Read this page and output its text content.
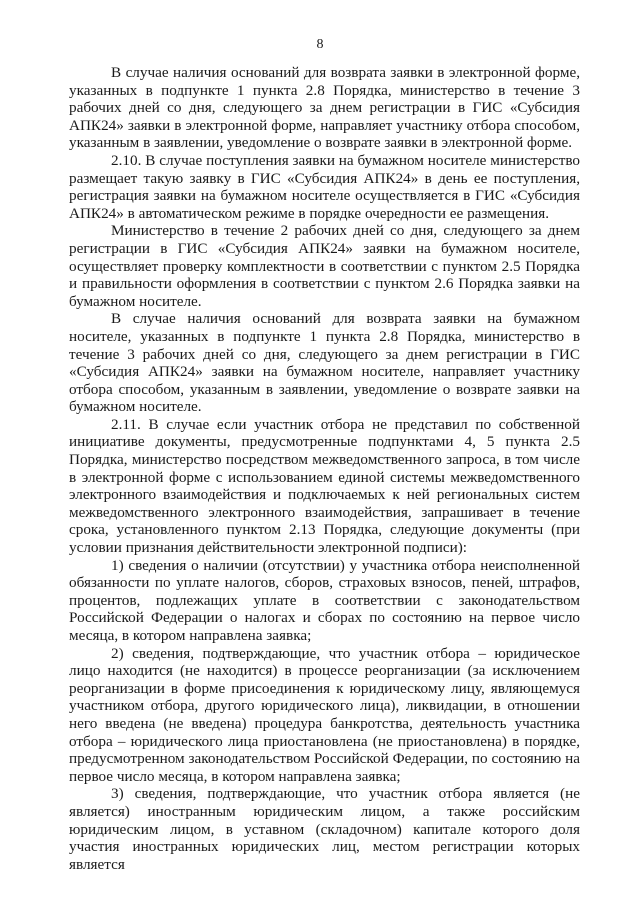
8

В случае наличия оснований для возврата заявки в электронной форме, указанных в подпункте 1 пункта 2.8 Порядка, министерство в течение 3 рабочих дней со дня, следующего за днем регистрации в ГИС «Субсидия АПК24» заявки в электронной форме, направляет участнику отбора способом, указанным в заявлении, уведомление о возврате заявки в электронной форме.

2.10. В случае поступления заявки на бумажном носителе министерство размещает такую заявку в ГИС «Субсидия АПК24» в день ее поступления, регистрация заявки на бумажном носителе осуществляется в ГИС «Субсидия АПК24» в автоматическом режиме в порядке очередности ее размещения.

Министерство в течение 2 рабочих дней со дня, следующего за днем регистрации в ГИС «Субсидия АПК24» заявки на бумажном носителе, осуществляет проверку комплектности в соответствии с пунктом 2.5 Порядка и правильности оформления в соответствии с пунктом 2.6 Порядка заявки на бумажном носителе.

В случае наличия оснований для возврата заявки на бумажном носителе, указанных в подпункте 1 пункта 2.8 Порядка, министерство в течение 3 рабочих дней со дня, следующего за днем регистрации в ГИС «Субсидия АПК24» заявки на бумажном носителе, направляет участнику отбора способом, указанным в заявлении, уведомление о возврате заявки на бумажном носителе.

2.11. В случае если участник отбора не представил по собственной инициативе документы, предусмотренные подпунктами 4, 5 пункта 2.5 Порядка, министерство посредством межведомственного запроса, в том числе в электронной форме с использованием единой системы межведомственного электронного взаимодействия и подключаемых к ней региональных систем межведомственного электронного взаимодействия, запрашивает в течение срока, установленного пунктом 2.13 Порядка, следующие документы (при условии признания действительности электронной подписи):

1) сведения о наличии (отсутствии) у участника отбора неисполненной обязанности по уплате налогов, сборов, страховых взносов, пеней, штрафов, процентов, подлежащих уплате в соответствии с законодательством Российской Федерации о налогах и сборах по состоянию на первое число месяца, в котором направлена заявка;

2) сведения, подтверждающие, что участник отбора – юридическое лицо находится (не находится) в процессе реорганизации (за исключением реорганизации в форме присоединения к юридическому лицу, являющемуся участником отбора, другого юридического лица), ликвидации, в отношении него введена (не введена) процедура банкротства, деятельность участника отбора – юридического лица приостановлена (не приостановлена) в порядке, предусмотренном законодательством Российской Федерации, по состоянию на первое число месяца, в котором направлена заявка;

3) сведения, подтверждающие, что участник отбора является (не является) иностранным юридическим лицом, а также российским юридическим лицом, в уставном (складочном) капитале которого доля участия иностранных юридических лиц, местом регистрации которых является
